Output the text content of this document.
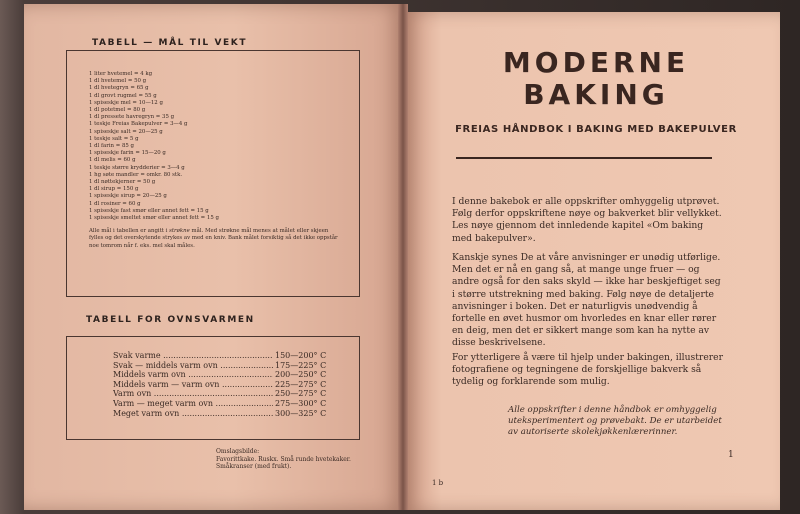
TABELL — MÅL TIL VEKT
1 liter hvetemel = 4 kg
1 dl hvetemel = 50 g
1 dl hvetegryn = 65 g
1 dl grovt rugmel = 55 g
1 spiseskje mel = 10—12 g
1 dl potetmel = 80 g
1 dl pressete havregryn = 35 g
1 teskje Freias Bakepulver = 3—4 g
1 spiseskje salt = 20—25 g
1 teskje salt = 5 g
1 dl farin = 85 g
1 spiseskje farin = 15—20 g
1 dl melis = 60 g
1 teskje større krydderier = 3—4 g
1 hg søte mandler = omkr. 80 stk.
1 dl nøttekjerner = 50 g
1 dl sirup = 150 g
1 spiseskje sirup = 20—25 g
1 dl rosiner = 60 g
1 spiseskje fast smør eller annet fett = 15 g
1 spiseskje smeltet smør eller annet fett = 15 g
Alle mål i tabellen er angitt i strøkne mål. Med strøkne mål menes at målet eller skjeen fylles og det overskytende strykes av med en kniv. Bank målet forsiktig så det ikke oppstår noe tomrom når f. eks. mel skal måles.
TABELL FOR OVNSVARMEN
Svak varme .....	150—200° C
Svak — middels varm ovn .....	175—225° C
Middels varm ovn .....	200—250° C
Middels varm — varm ovn .....	225—275° C
Varm ovn .....	250—275° C
Varm — meget varm ovn .....	275—300° C
Meget varm ovn .....	300—325° C
Omslagsbilde:
Favorittkake. Ruskx. Små runde hvetekaker. Småkranser (med frukt).
1 b
MODERNE
BAKING
FREIAS HÅNDBOK I BAKING MED BAKEPULVER

I denne bakebok er alle oppskrifter omhyggelig utprøvet. Følg derfor oppskriftene nøye og bakverket blir vellykket. Les nøye gjennom det innledende kapitel «Om baking med bakepulver».

Kanskje synes De at våre anvisninger er unødig utførlige. Men det er nå en gang så, at mange unge fruer — og andre også for den saks skyld — ikke har beskjeftiget seg i større utstrekning med baking. Følg nøye de detaljerte anvisninger i boken. Det er naturligvis unødvendig å fortelle en øvet husmor om hvorledes en knar eller rører en deig, men det er sikkert mange som kan ha nytte av disse beskrivelsene.

For ytterligere å være til hjelp under bakingen, illustrerer fotografiene og tegningene de forskjellige bakverk så tydelig og forklarende som mulig.

Alle oppskrifter i denne håndbok er omhyggelig uteksperimentert og prøvebakt. De er utarbeidet av autoriserte skolekjøkkenlærerinner.
1
